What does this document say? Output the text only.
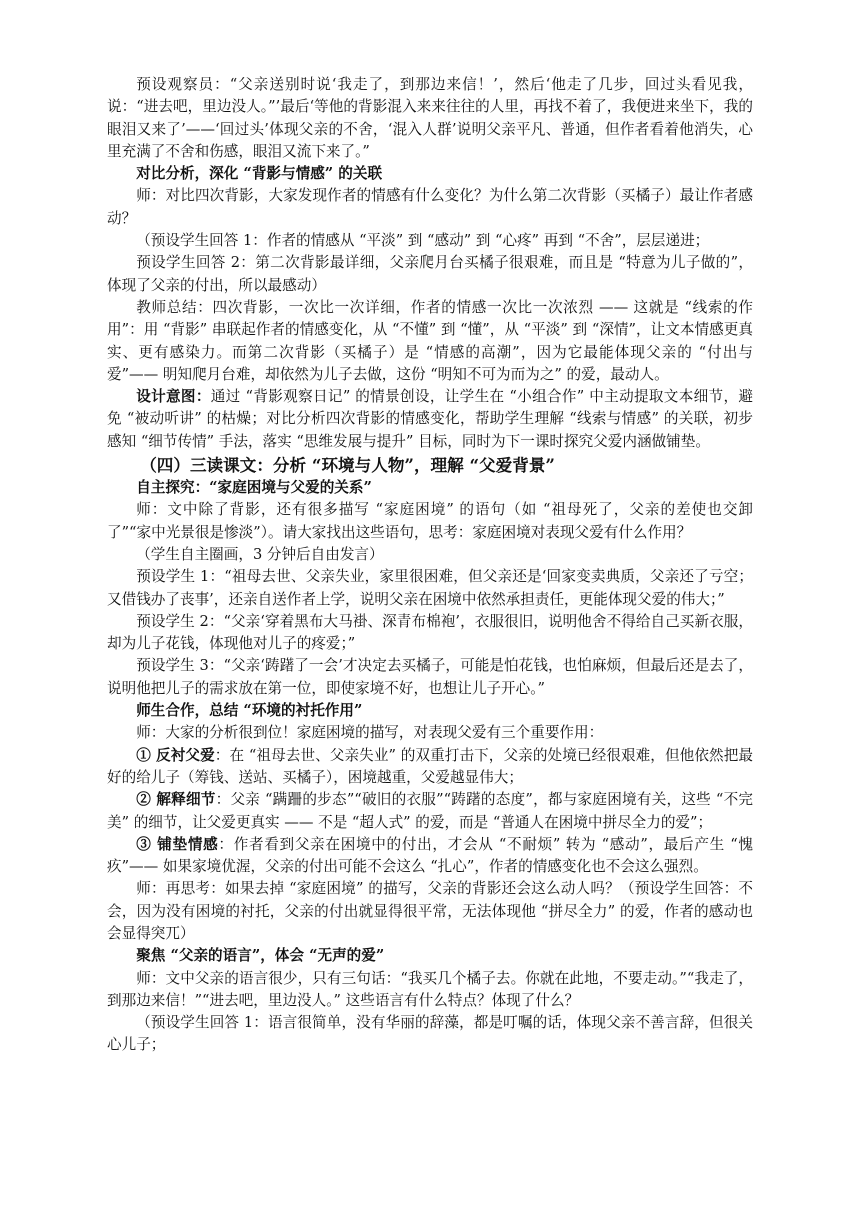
预设观察员：“父亲送别时说‘我走了，到那边来信！’，然后‘他走了几步，回过头看见我，说：“进去吧，里边没人。”’最后‘等他的背影混入来来往往的人里，再找不着了，我便进来坐下，我的眼泪又来了’——‘回过头’体现父亲的不舍，‘混入人群’说明父亲平凡、普通，但作者看着他消失，心里充满了不舍和伤感，眼泪又流下来了。”

对比分析，深化 “背影与情感” 的关联

师：对比四次背影，大家发现作者的情感有什么变化？为什么第二次背影（买橘子）最让作者感动？

（预设学生回答 1：作者的情感从 “平淡” 到 “感动” 到 “心疼” 再到 “不舍”，层层递进；

预设学生回答 2：第二次背影最详细，父亲爬月台买橘子很艰难，而且是 “特意为儿子做的”，体现了父亲的付出，所以最感动）

教师总结：四次背影，一次比一次详细，作者的情感一次比一次浓烈 —— 这就是 “线索的作用”：用 “背影” 串联起作者的情感变化，从 “不懂” 到 “懂”，从 “平淡” 到 “深情”，让文本情感更真实、更有感染力。而第二次背影（买橘子）是 “情感的高潮”，因为它最能体现父亲的 “付出与爱”—— 明知爬月台难，却依然为儿子去做，这份 “明知不可为而为之” 的爱，最动人。

设计意图：通过 “背影观察日记” 的情景创设，让学生在 “小组合作” 中主动提取文本细节，避免 “被动听讲” 的枯燥；对比分析四次背影的情感变化，帮助学生理解 “线索与情感” 的关联，初步感知 “细节传情” 手法，落实 “思维发展与提升” 目标，同时为下一课时探究父爱内涵做铺垫。

（四）三读课文：分析 “环境与人物”，理解 “父爱背景”

自主探究：“家庭困境与父爱的关系”

师：文中除了背影，还有很多描写 “家庭困境” 的语句（如 “祖母死了，父亲的差使也交卸了”“家中光景很是惨淡”）。请大家找出这些语句，思考：家庭困境对表现父爱有什么作用？

（学生自主圈画，3 分钟后自由发言）

预设学生 1：“祖母去世、父亲失业，家里很困难，但父亲还是‘回家变卖典质，父亲还了亏空；又借钱办了丧事’，还亲自送作者上学，说明父亲在困境中依然承担责任，更能体现父爱的伟大；”

预设学生 2：“父亲‘穿着黑布大马褂、深青布棉袍’，衣服很旧，说明他舍不得给自己买新衣服，却为儿子花钱，体现他对儿子的疼爱；”

预设学生 3：“父亲‘踌躇了一会’才决定去买橘子，可能是怕花钱，也怕麻烦，但最后还是去了，说明他把儿子的需求放在第一位，即使家境不好，也想让儿子开心。”

师生合作，总结 “环境的衬托作用”

师：大家的分析很到位！家庭困境的描写，对表现父爱有三个重要作用：

① 反衬父爱：在 “祖母去世、父亲失业” 的双重打击下，父亲的处境已经很艰难，但他依然把最好的给儿子（筹钱、送站、买橘子），困境越重，父爱越显伟大；

② 解释细节：父亲 “蹒跚的步态”“破旧的衣服”“踌躇的态度”，都与家庭困境有关，这些 “不完美” 的细节，让父爱更真实 —— 不是 “超人式” 的爱，而是 “普通人在困境中拼尽全力的爱”；

③ 铺垫情感：作者看到父亲在困境中的付出，才会从 “不耐烦” 转为 “感动”，最后产生 “愧疚”—— 如果家境优渥，父亲的付出可能不会这么 “扎心”，作者的情感变化也不会这么强烈。

师：再思考：如果去掉 “家庭困境” 的描写，父亲的背影还会这么动人吗？（预设学生回答：不会，因为没有困境的衬托，父亲的付出就显得很平常，无法体现他 “拼尽全力” 的爱，作者的感动也会显得突兀）

聚焦 “父亲的语言”，体会 “无声的爱”

师：文中父亲的语言很少，只有三句话：“我买几个橘子去。你就在此地，不要走动。”“我走了，到那边来信！”“进去吧，里边没人。” 这些语言有什么特点？体现了什么？

（预设学生回答 1：语言很简单，没有华丽的辞藻，都是叮嘱的话，体现父亲不善言辞，但很关心儿子；
